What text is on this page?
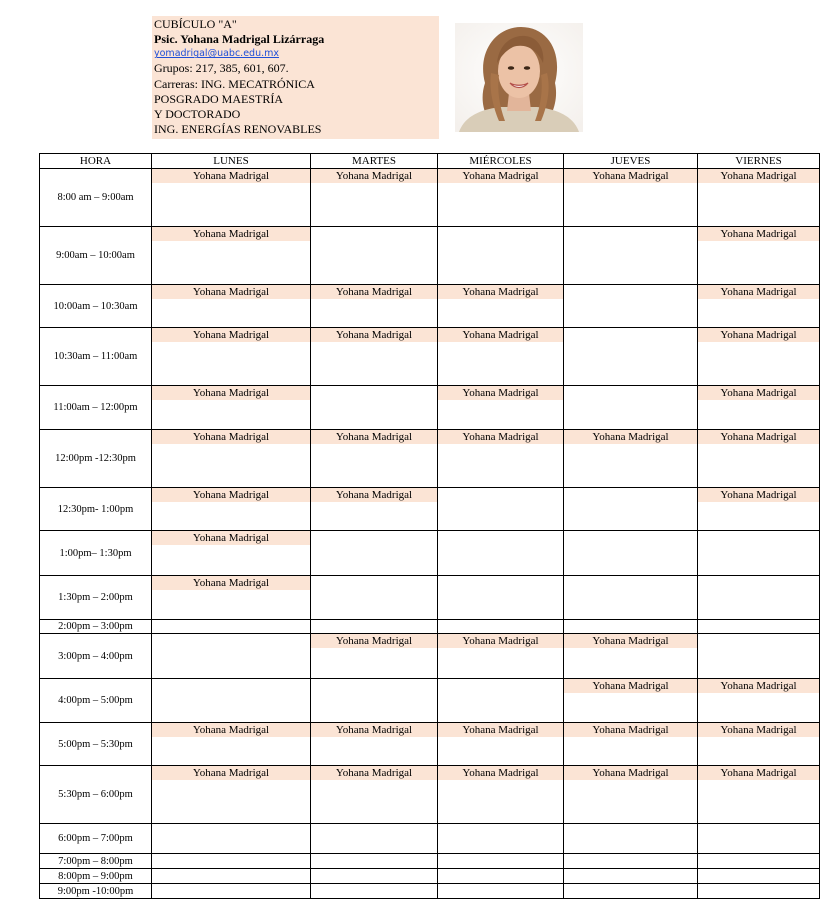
CUBÍCULO "A"
Psic. Yohana Madrigal Lizárraga
yomadrigal@uabc.edu.mx
Grupos: 217, 385, 601, 607.
Carreras: ING. MECATRÓNICA
POSGRADO MAESTRÍA
Y DOCTORADO
ING. ENERGÍAS RENOVABLES
HORA	LUNES	MARTES	MIÉRCOLES	JUEVES	VIERNES
8:00 am – 9:00am	Yohana Madrigal	Yohana Madrigal	Yohana Madrigal	Yohana Madrigal	Yohana Madrigal

9:00am – 10:00am	Yohana Madrigal				Yohana Madrigal

10:00am – 10:30am	Yohana Madrigal	Yohana Madrigal	Yohana Madrigal		Yohana Madrigal

10:30am – 11:00am	Yohana Madrigal	Yohana Madrigal	Yohana Madrigal		Yohana Madrigal

11:00am – 12:00pm	Yohana Madrigal		Yohana Madrigal		Yohana Madrigal

12:00pm -12:30pm	Yohana Madrigal	Yohana Madrigal	Yohana Madrigal	Yohana Madrigal	Yohana Madrigal

12:30pm- 1:00pm	Yohana Madrigal	Yohana Madrigal			Yohana Madrigal

1:00pm– 1:30pm	Yohana Madrigal				

1:30pm – 2:00pm	Yohana Madrigal				

2:00pm – 3:00pm					
3:00pm – 4:00pm		Yohana Madrigal	Yohana Madrigal	Yohana Madrigal	

4:00pm – 5:00pm				Yohana Madrigal	Yohana Madrigal

5:00pm – 5:30pm	Yohana Madrigal	Yohana Madrigal	Yohana Madrigal	Yohana Madrigal	Yohana Madrigal

5:30pm – 6:00pm	Yohana Madrigal	Yohana Madrigal	Yohana Madrigal	Yohana Madrigal	Yohana Madrigal

6:00pm – 7:00pm					
7:00pm – 8:00pm					
8:00pm – 9:00pm					
9:00pm -10:00pm					
